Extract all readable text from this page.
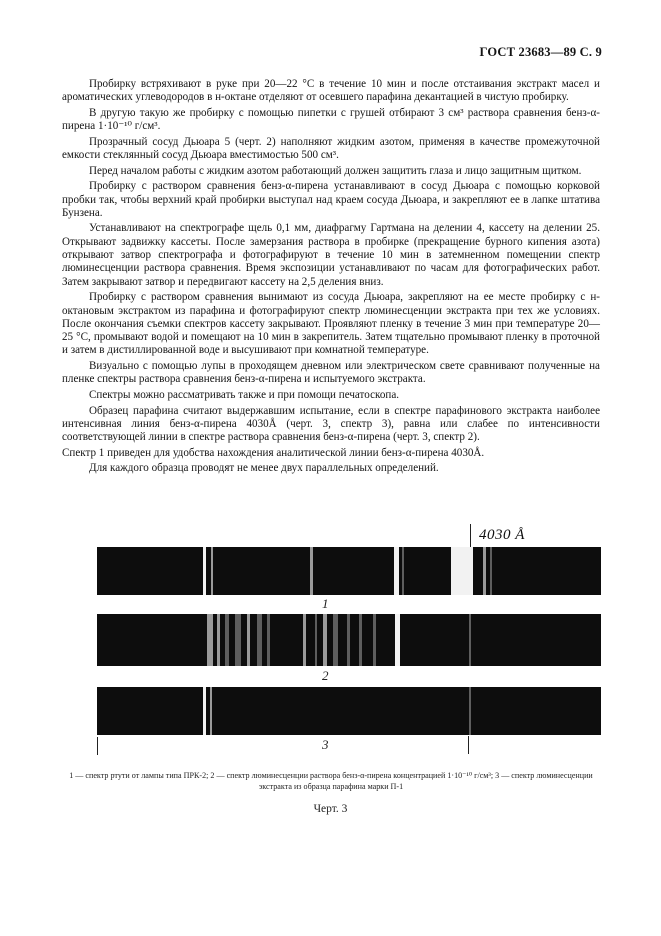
ГОСТ 23683—89 С. 9

Пробирку встряхивают в руке при 20—22 °С в течение 10 мин и после отстаивания экстракт масел и ароматических углеводородов в н-октане отделяют от осевшего парафина декантацией в чистую пробирку.

В другую такую же пробирку с помощью пипетки с грушей отбирают 3 см³ раствора сравнения бенз-α-пирена 1·10⁻¹⁰ г/см³.

Прозрачный сосуд Дьюара 5 (черт. 2) наполняют жидким азотом, применяя в качестве промежуточной емкости стеклянный сосуд Дьюара вместимостью 500 см³.

Перед началом работы с жидким азотом работающий должен защитить глаза и лицо защитным щитком.

Пробирку с раствором сравнения бенз-α-пирена устанавливают в сосуд Дьюара с помощью корковой пробки так, чтобы верхний край пробирки выступал над краем сосуда Дьюара, и закрепляют ее в лапке штатива Бунзена.

Устанавливают на спектрографе щель 0,1 мм, диафрагму Гартмана на делении 4, кассету на делении 25. Открывают задвижку кассеты. После замерзания раствора в пробирке (прекращение бурного кипения азота) открывают затвор спектрографа и фотографируют в течение 10 мин в затемненном помещении спектр люминесценции раствора сравнения. Время экспозиции устанавливают по часам для фотографических работ. Затем закрывают затвор и передвигают кассету на 2,5 деления вниз.

Пробирку с раствором сравнения вынимают из сосуда Дьюара, закрепляют на ее месте пробирку с н-октановым экстрактом из парафина и фотографируют спектр люминесценции экстракта при тех же условиях. После окончания съемки спектров кассету закрывают. Проявляют пленку в течение 3 мин при температуре 20—25 °С, промывают водой и помещают на 10 мин в закрепитель. Затем тщательно промывают пленку в проточной и затем в дистиллированной воде и высушивают при комнатной температуре.

Визуально с помощью лупы в проходящем дневном или электрическом свете сравнивают полученные на пленке спектры раствора сравнения бенз-α-пирена и испытуемого экстракта.

Спектры можно рассматривать также и при помощи печатоскопа.

Образец парафина считают выдержавшим испытание, если в спектре парафинового экстракта наиболее интенсивная линия бенз-α-пирена 4030Å (черт. 3, спектр 3), равна или слабее по интенсивности соответствующей линии в спектре раствора сравнения бенз-α-пирена (черт. 3, спектр 2).

Спектр 1 приведен для удобства нахождения аналитической линии бенз-α-пирена 4030Å.

Для каждого образца проводят не менее двух параллельных определений.

4030 Å
1
2
3
1 — спектр ртути от лампы типа ПРК-2; 2 — спектр люминесценции раствора бенз-α-пирена концентрацией 1·10⁻¹⁰ г/см³; 3 — спектр люминесценции экстракта из образца парафина марки П-1
Черт. 3
